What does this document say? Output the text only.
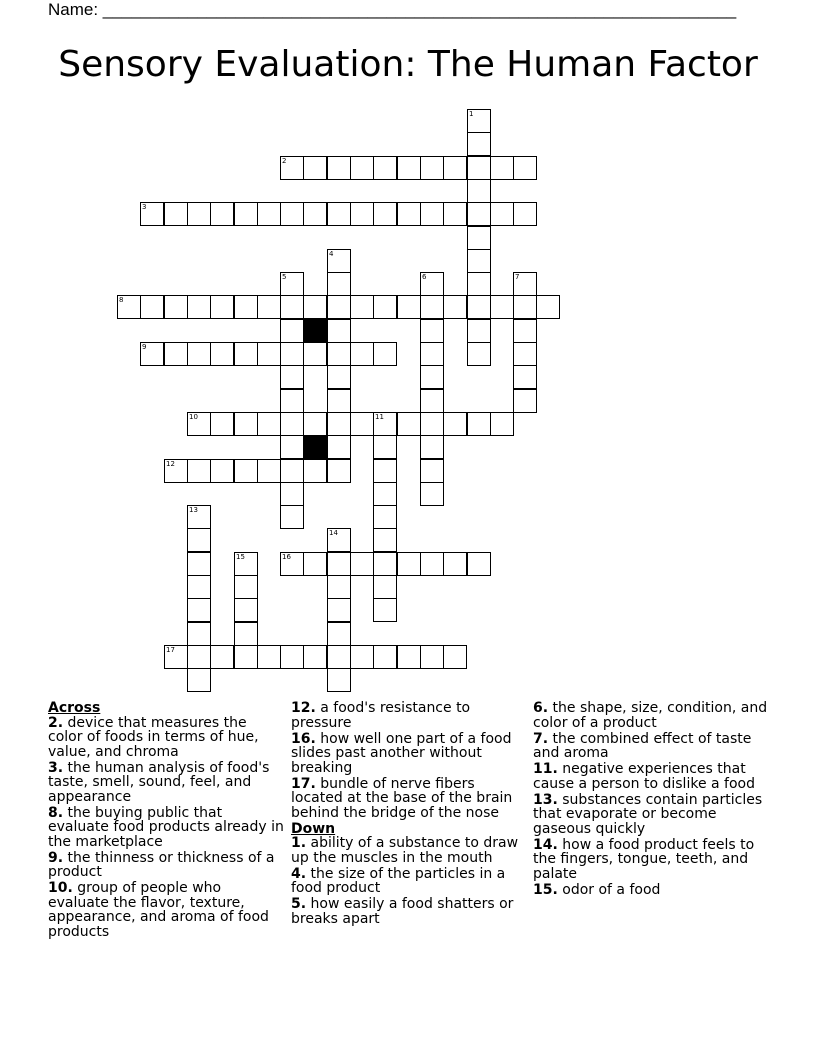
Name: ___________________________________________________________________
Sensory Evaluation: The Human Factor
1
2
3
4
5	6	7
8
9
10	11
12
13
14
15	16
17
Across
2. device that measures the color of foods in terms of hue, value, and chroma
3. the human analysis of food's taste, smell, sound, feel, and appearance
8. the buying public that evaluate food products already in the marketplace
9. the thinness or thickness of a product
10. group of people who evaluate the flavor, texture, appearance, and aroma of food products
12. a food's resistance to pressure
16. how well one part of a food slides past another without breaking
17. bundle of nerve fibers located at the base of the brain behind the bridge of the nose
Down
1. ability of a substance to draw up the muscles in the mouth
4. the size of the particles in a food product
5. how easily a food shatters or breaks apart
6. the shape, size, condition, and color of a product
7. the combined effect of taste and aroma
11. negative experiences that cause a person to dislike a food
13. substances contain particles that evaporate or become gaseous quickly
14. how a food product feels to the fingers, tongue, teeth, and palate
15. odor of a food
